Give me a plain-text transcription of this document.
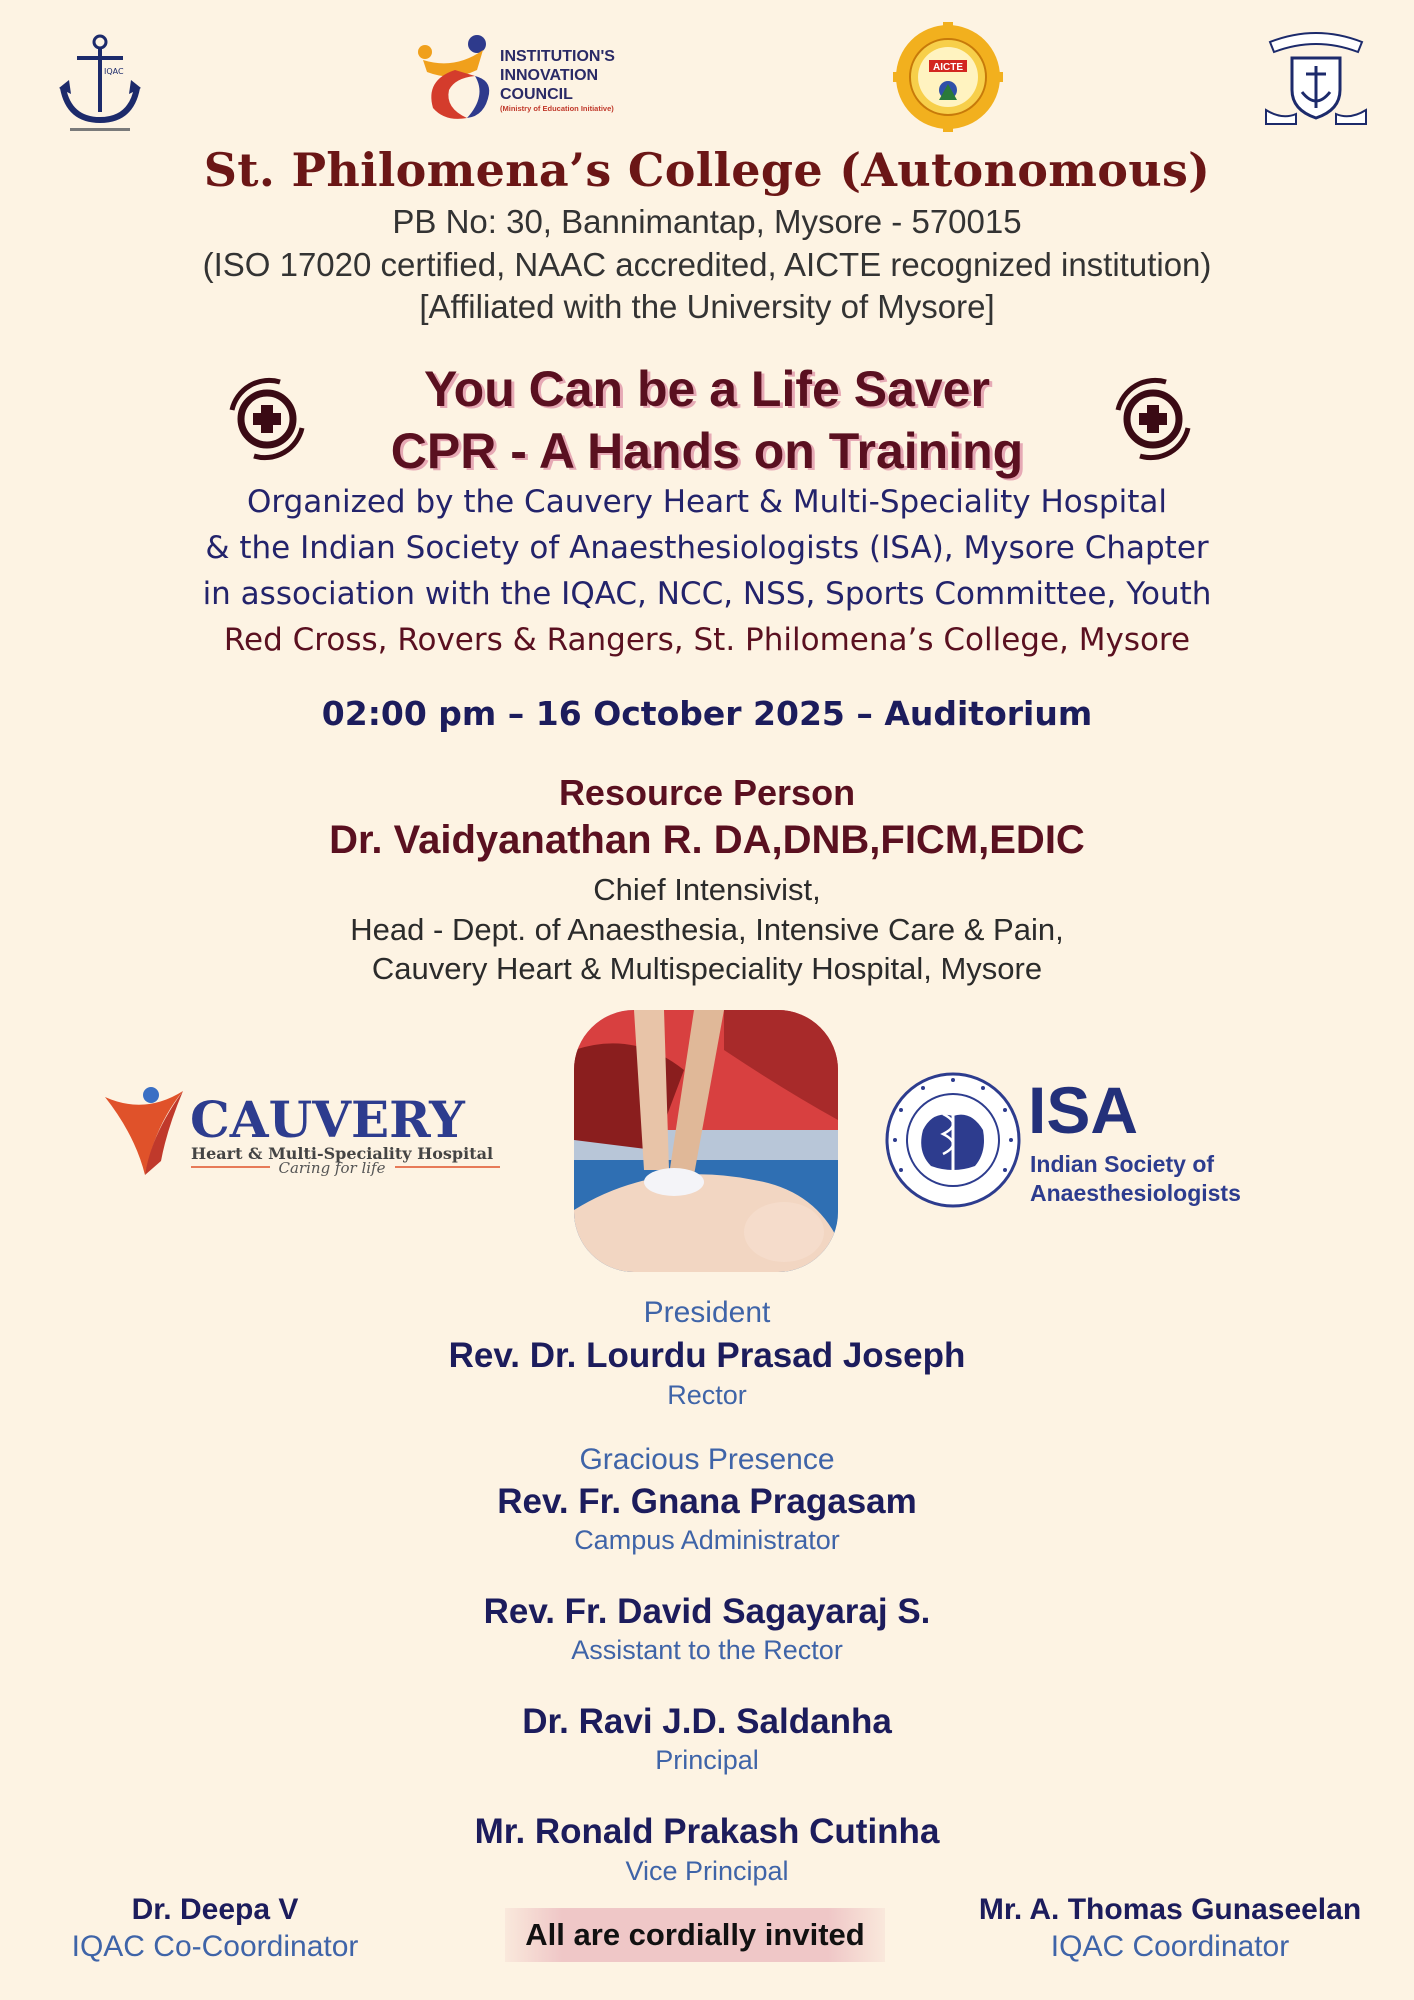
IQAC
INSTITUTION'S
INNOVATION
COUNCIL
(Ministry of Education Initiative)
AICTE
St. Philomena’s College (Autonomous)
PB No: 30, Bannimantap, Mysore - 570015
(ISO 17020 certified, NAAC accredited, AICTE recognized institution)
[Affiliated with the University of Mysore]
You Can be a Life Saver
CPR - A Hands on Training
Organized by the Cauvery Heart & Multi-Speciality Hospital
& the Indian Society of Anaesthesiologists (ISA), Mysore Chapter
in association with the IQAC, NCC, NSS, Sports Committee, Youth
Red Cross, Rovers & Rangers, St. Philomena’s College, Mysore
02:00 pm – 16 October 2025 – Auditorium
Resource Person
Dr. Vaidyanathan R. DA,DNB,FICM,EDIC
Chief Intensivist,
Head - Dept. of Anaesthesia, Intensive Care & Pain,
Cauvery Heart & Multispeciality Hospital, Mysore
CAUVERY
Heart & Multi-Speciality Hospital
Caring for life
ISA
Indian Society of
Anaesthesiologists
President
Rev. Dr. Lourdu Prasad Joseph
Rector
Gracious Presence
Rev. Fr. Gnana Pragasam
Campus Administrator
Rev. Fr. David Sagayaraj S.
Assistant to the Rector
Dr. Ravi J.D. Saldanha
Principal
Mr. Ronald Prakash Cutinha
Vice Principal
Dr. Deepa V
IQAC Co-Coordinator	All are cordially invited
Mr. A. Thomas Gunaseelan
IQAC Coordinator
